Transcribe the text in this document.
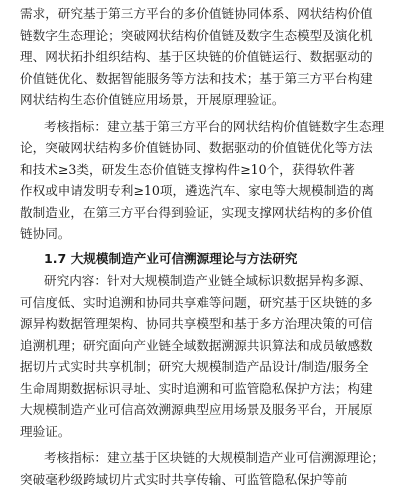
需求，研究基于第三方平台的多价值链协同体系、网状结构价值

链数字生态理论；突破网状结构价值链及数字生态模型及演化机

理、网状拓扑组织结构、基于区块链的价值链运行、数据驱动的

价值链优化、数据智能服务等方法和技术；基于第三方平台构建

网状结构生态价值链应用场景，开展原理验证。

考核指标：建立基于第三方平台的网状结构价值链数字生态理

论，突破网状结构多价值链协同、数据驱动的价值链优化等方法

和技术≥3类，研发生态价值链支撑构件≥10个，获得软件著

作权或申请发明专利≥10项，遴选汽车、家电等大规模制造的离

散制造业，在第三方平台得到验证，实现支撑网状结构的多价值

链协同。

1.7 大规模制造产业可信溯源理论与方法研究

研究内容：针对大规模制造产业链全域标识数据异构多源、

可信度低、实时追溯和协同共享难等问题，研究基于区块链的多

源异构数据管理架构、协同共享模型和基于多方治理决策的可信

追溯机理；研究面向产业链全域数据溯源共识算法和成员敏感数

据切片式实时共享机制；研究大规模制造产品设计/制造/服务全

生命周期数据标识寻址、实时追溯和可监管隐私保护方法；构建

大规模制造产业可信高效溯源典型应用场景及服务平台，开展原

理验证。

考核指标：建立基于区块链的大规模制造产业可信溯源理论；

突破毫秒级跨域切片式实时共享传输、可监管隐私保护等前
